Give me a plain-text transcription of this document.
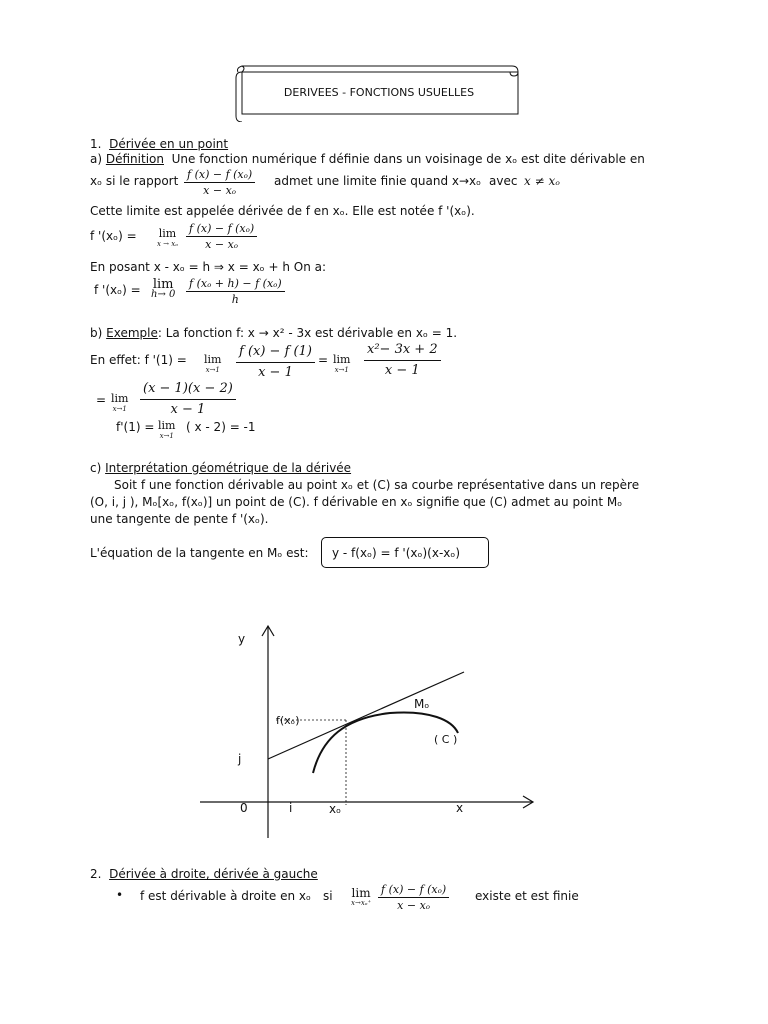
DERIVEES - FONCTIONS USUELLES
1. Dérivée en un point
a) Définition Une fonction numérique f définie dans un voisinage de xₒ est dite dérivable en
xₒ si le rapport $\frac{\text{f (x) − f (xₒ)}}{\text{x − xₒ}}$ admet une limite finie quand x→xₒ avec x ≠ xₒ
Cette limite est appelée dérivée de f en xₒ. Elle est notée f '(xₒ).
f '(xₒ) = lim
x → xₒ $\frac{\text{f (x) − f (xₒ)}}{\text{x − xₒ}}$
En posant x - xₒ = h ⇒ x = xₒ + h On a:
f '(xₒ) = lim
$h\to 0 \frac{\text{f (xₒ + h) − f (xₒ)}}{h}$
b) Exemple: La fonction f: x → x² - 3x est dérivable en xₒ = 1.
En effet: f '(1) = lim
$x\to 1 \frac{f (x) - f (1)}{x - 1} = \lim$
$x\to 1 \frac{\text{x²− 3x + 2}}{x - 1}$
= lim
$x\to 1 \frac{(x - 1)(x - 2)}{x - 1}$
f'(1) = lim
x→1
( x - 2) = -1
c) Interprétation géométrique de la dérivée
Soit f une fonction dérivable au point xₒ et (C) sa courbe représentative dans un repère
(O, i, j ), Mₒ[xₒ, f(xₒ)] un point de (C). f dérivable en xₒ signifie que (C) admet au point Mₒ
une tangente de pente f '(xₒ).
L'équation de la tangente en Mₒ est: y - f(xₒ) = f '(xₒ)(x-xₒ)
y
0	i
j
xₒ	x
f(xₒ)
Mₒ
( C )
2. Dérivée à droite, dérivée à gauche
• f est dérivable à droite en xₒ si lim
$x\to x_o^+ \frac{\text{f (x) − f (xₒ)}}{\text{x − xₒ}}$ existe et est finie
